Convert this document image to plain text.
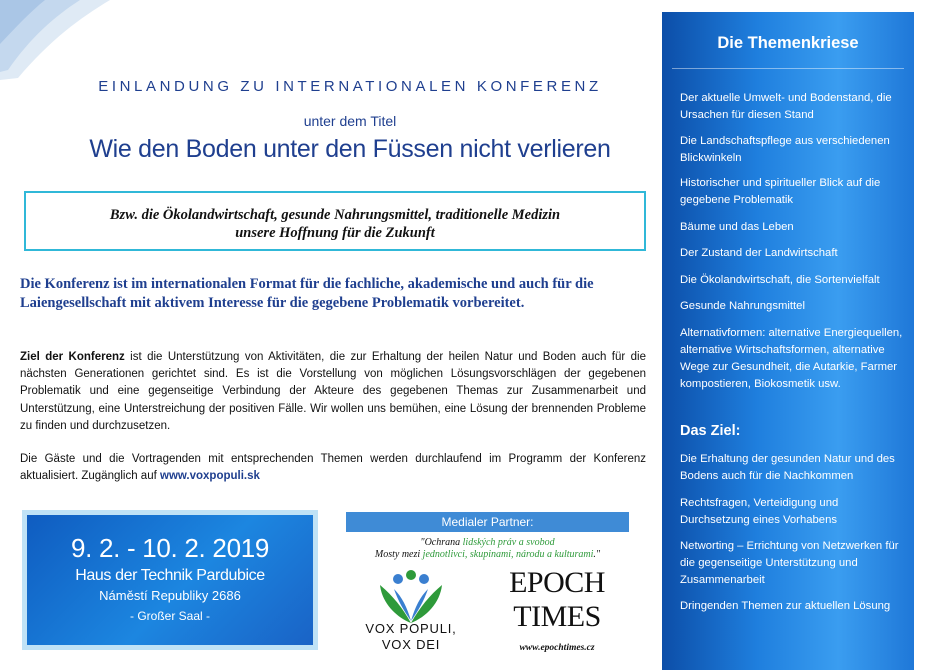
EINLANDUNG ZU INTERNATIONALEN KONFERENZ
unter dem Titel
Wie den Boden unter den Füssen nicht verlieren
Bzw. die Ökolandwirtschaft, gesunde Nahrungsmittel, traditionelle Medizin
unsere Hoffnung für die Zukunft
Die Konferenz ist im internationalen Format für die fachliche, akademische und auch für die Laiengesellschaft mit aktivem Interesse für die gegebene Problematik vorbereitet.
Ziel der Konferenz ist die Unterstützung von Aktivitäten, die zur Erhaltung der heilen Natur und Boden auch für die nächsten Generationen gerichtet sind. Es ist die Vorstellung von möglichen Lösungsvorschlägen der gegebenen Problematik und eine gegenseitige Verbindung der Akteure des gegebenen Themas zur Zusammenarbeit und Unterstützung, eine Unterstreichung der positiven Fälle. Wir wollen uns bemühen, eine Lösung der brennenden Probleme zu finden und durchzusetzen.
Die Gäste und die Vortragenden mit entsprechenden Themen werden durchlaufend im Programm der Konferenz aktualisiert. Zugänglich auf www.voxpopuli.sk
9. 2. - 10. 2. 2019
Haus der Technik Pardubice
Náměstí Republiky 2686
- Großer Saal -
Medialer Partner:
"Ochrana lidských práv a svobod
Mosty mezi jednotlivci, skupinami, národu a kulturami."
VOX POPULI,
VOX DEI
EPOCH
TIMES
www.epochtimes.cz
Die Themenkriese
Der aktuelle Umwelt- und Bodenstand, die Ursachen für diesen Stand
Die Landschaftspflege aus verschiedenen Blickwinkeln
Historischer und spiritueller Blick auf die gegebene Problematik
Bäume und das Leben
Der Zustand der Landwirtschaft
Die Ökolandwirtschaft, die Sortenvielfalt
Gesunde Nahrungsmittel
Alternativformen: alternative Energiequellen, alternative Wirtschaftsformen, alternative Wege zur Gesundheit, die Autarkie, Farmer kompostieren, Biokosmetik usw.
Das Ziel:
Die Erhaltung der gesunden Natur und des Bodens auch für die Nachkommen
Rechtsfragen, Verteidigung und Durchsetzung eines Vorhabens
Networting – Errichtung von Netzwerken für die gegenseitige Unterstützung und Zusammenarbeit
Dringenden Themen zur aktuellen Lösung
